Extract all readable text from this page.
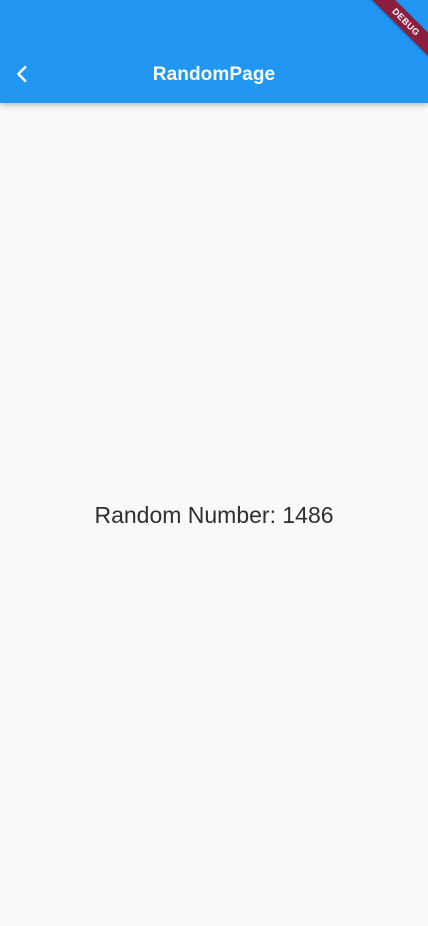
RandomPage
Random Number: 1486
DEBUG
